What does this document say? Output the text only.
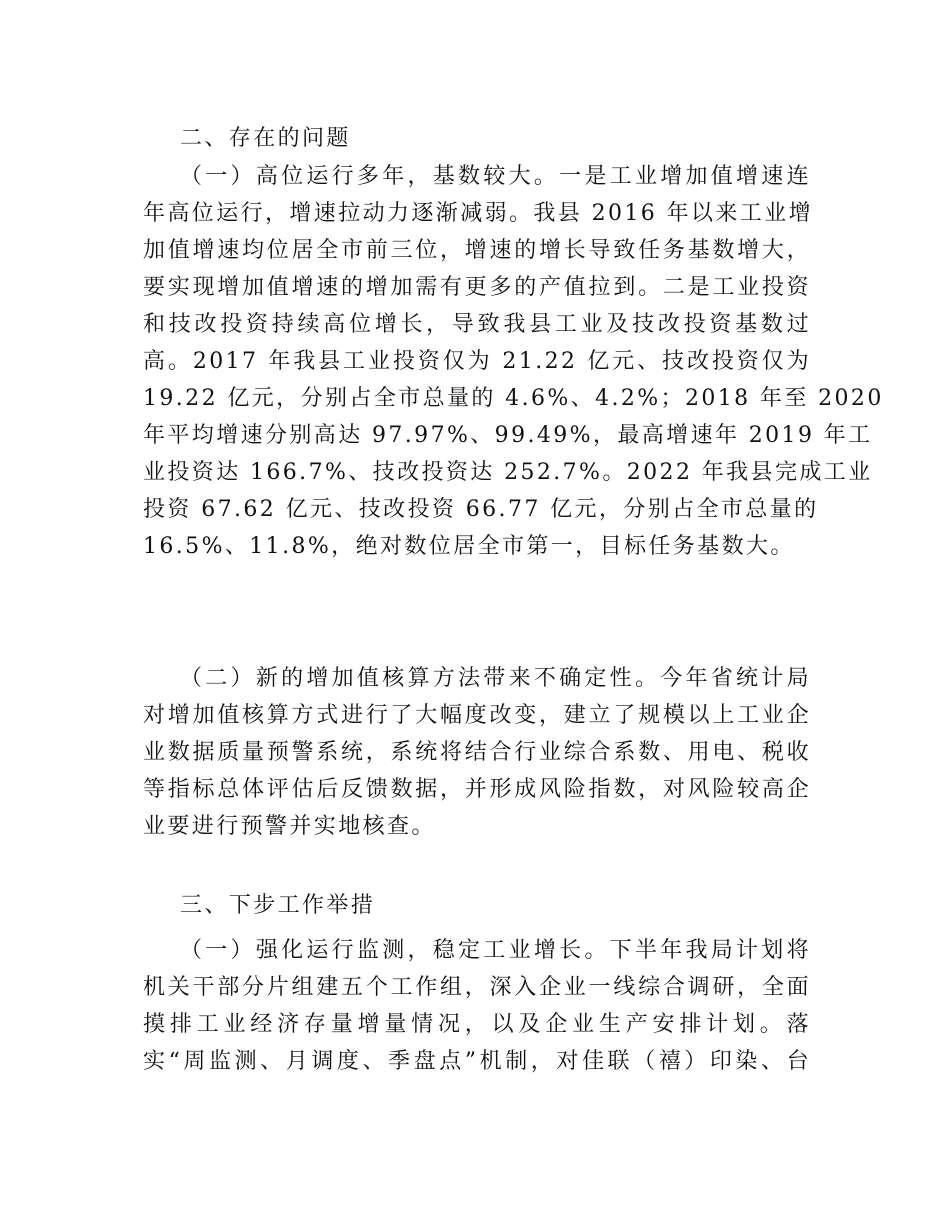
二、存在的问题
（一）高位运行多年，基数较大。一是工业增加值增速连
年高位运行，增速拉动力逐渐减弱。我县 2016 年以来工业增
加值增速均位居全市前三位，增速的增长导致任务基数增大，
要实现增加值增速的增加需有更多的产值拉到。二是工业投资
和技改投资持续高位增长，导致我县工业及技改投资基数过
高。2017 年我县工业投资仅为 21.22 亿元、技改投资仅为
19.22 亿元，分别占全市总量的 4.6%、4.2%；2018 年至 2020
年平均增速分别高达 97.97%、99.49%，最高增速年 2019 年工
业投资达 166.7%、技改投资达 252.7%。2022 年我县完成工业
投资 67.62 亿元、技改投资 66.77 亿元，分别占全市总量的
16.5%、11.8%，绝对数位居全市第一，目标任务基数大。
（二）新的增加值核算方法带来不确定性。今年省统计局
对增加值核算方式进行了大幅度改变，建立了规模以上工业企
业数据质量预警系统，系统将结合行业综合系数、用电、税收
等指标总体评估后反馈数据，并形成风险指数，对风险较高企
业要进行预警并实地核查。
三、下步工作举措
（一）强化运行监测，稳定工业增长。下半年我局计划将
机关干部分片组建五个工作组，深入企业一线综合调研，全面
摸排工业经济存量增量情况，以及企业生产安排计划。落
实“周监测、月调度、季盘点”机制，对佳联（禧）印染、台
